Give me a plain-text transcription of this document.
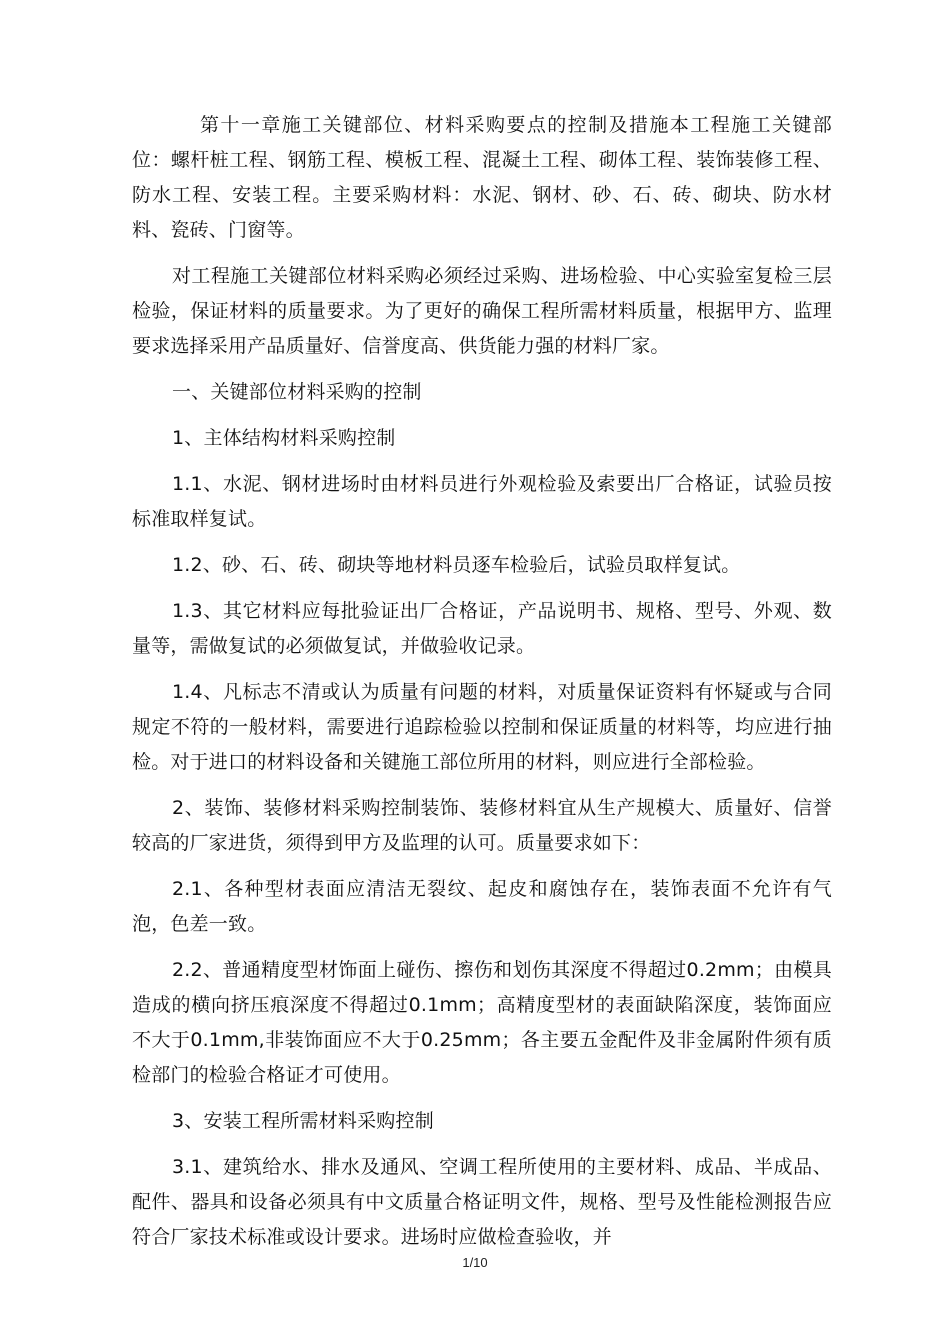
第十一章施工关键部位、材料采购要点的控制及措施本工程施工关键部位：螺杆桩工程、钢筋工程、模板工程、混凝土工程、砌体工程、装饰装修工程、防水工程、安装工程。主要采购材料：水泥、钢材、砂、石、砖、砌块、防水材料、瓷砖、门窗等。

对工程施工关键部位材料采购必须经过采购、进场检验、中心实验室复检三层检验，保证材料的质量要求。为了更好的确保工程所需材料质量，根据甲方、监理要求选择采用产品质量好、信誉度高、供货能力强的材料厂家。

一、关键部位材料采购的控制

1、主体结构材料采购控制

1.1、水泥、钢材进场时由材料员进行外观检验及索要出厂合格证，试验员按标准取样复试。

1.2、砂、石、砖、砌块等地材料员逐车检验后，试验员取样复试。

1.3、其它材料应每批验证出厂合格证，产品说明书、规格、型号、外观、数量等，需做复试的必须做复试，并做验收记录。

1.4、凡标志不清或认为质量有问题的材料，对质量保证资料有怀疑或与合同规定不符的一般材料，需要进行追踪检验以控制和保证质量的材料等，均应进行抽检。对于进口的材料设备和关键施工部位所用的材料，则应进行全部检验。

2、装饰、装修材料采购控制装饰、装修材料宜从生产规模大、质量好、信誉较高的厂家进货，须得到甲方及监理的认可。质量要求如下：

2.1、各种型材表面应清洁无裂纹、起皮和腐蚀存在，装饰表面不允许有气泡，色差一致。

2.2、普通精度型材饰面上碰伤、擦伤和划伤其深度不得超过0.2mm；由模具造成的横向挤压痕深度不得超过0.1mm；高精度型材的表面缺陷深度，装饰面应不大于0.1mm,非装饰面应不大于0.25mm；各主要五金配件及非金属附件须有质检部门的检验合格证才可使用。

3、安装工程所需材料采购控制

3.1、建筑给水、排水及通风、空调工程所使用的主要材料、成品、半成品、配件、器具和设备必须具有中文质量合格证明文件，规格、型号及性能检测报告应符合厂家技术标准或设计要求。进场时应做检查验收，并

1/10
